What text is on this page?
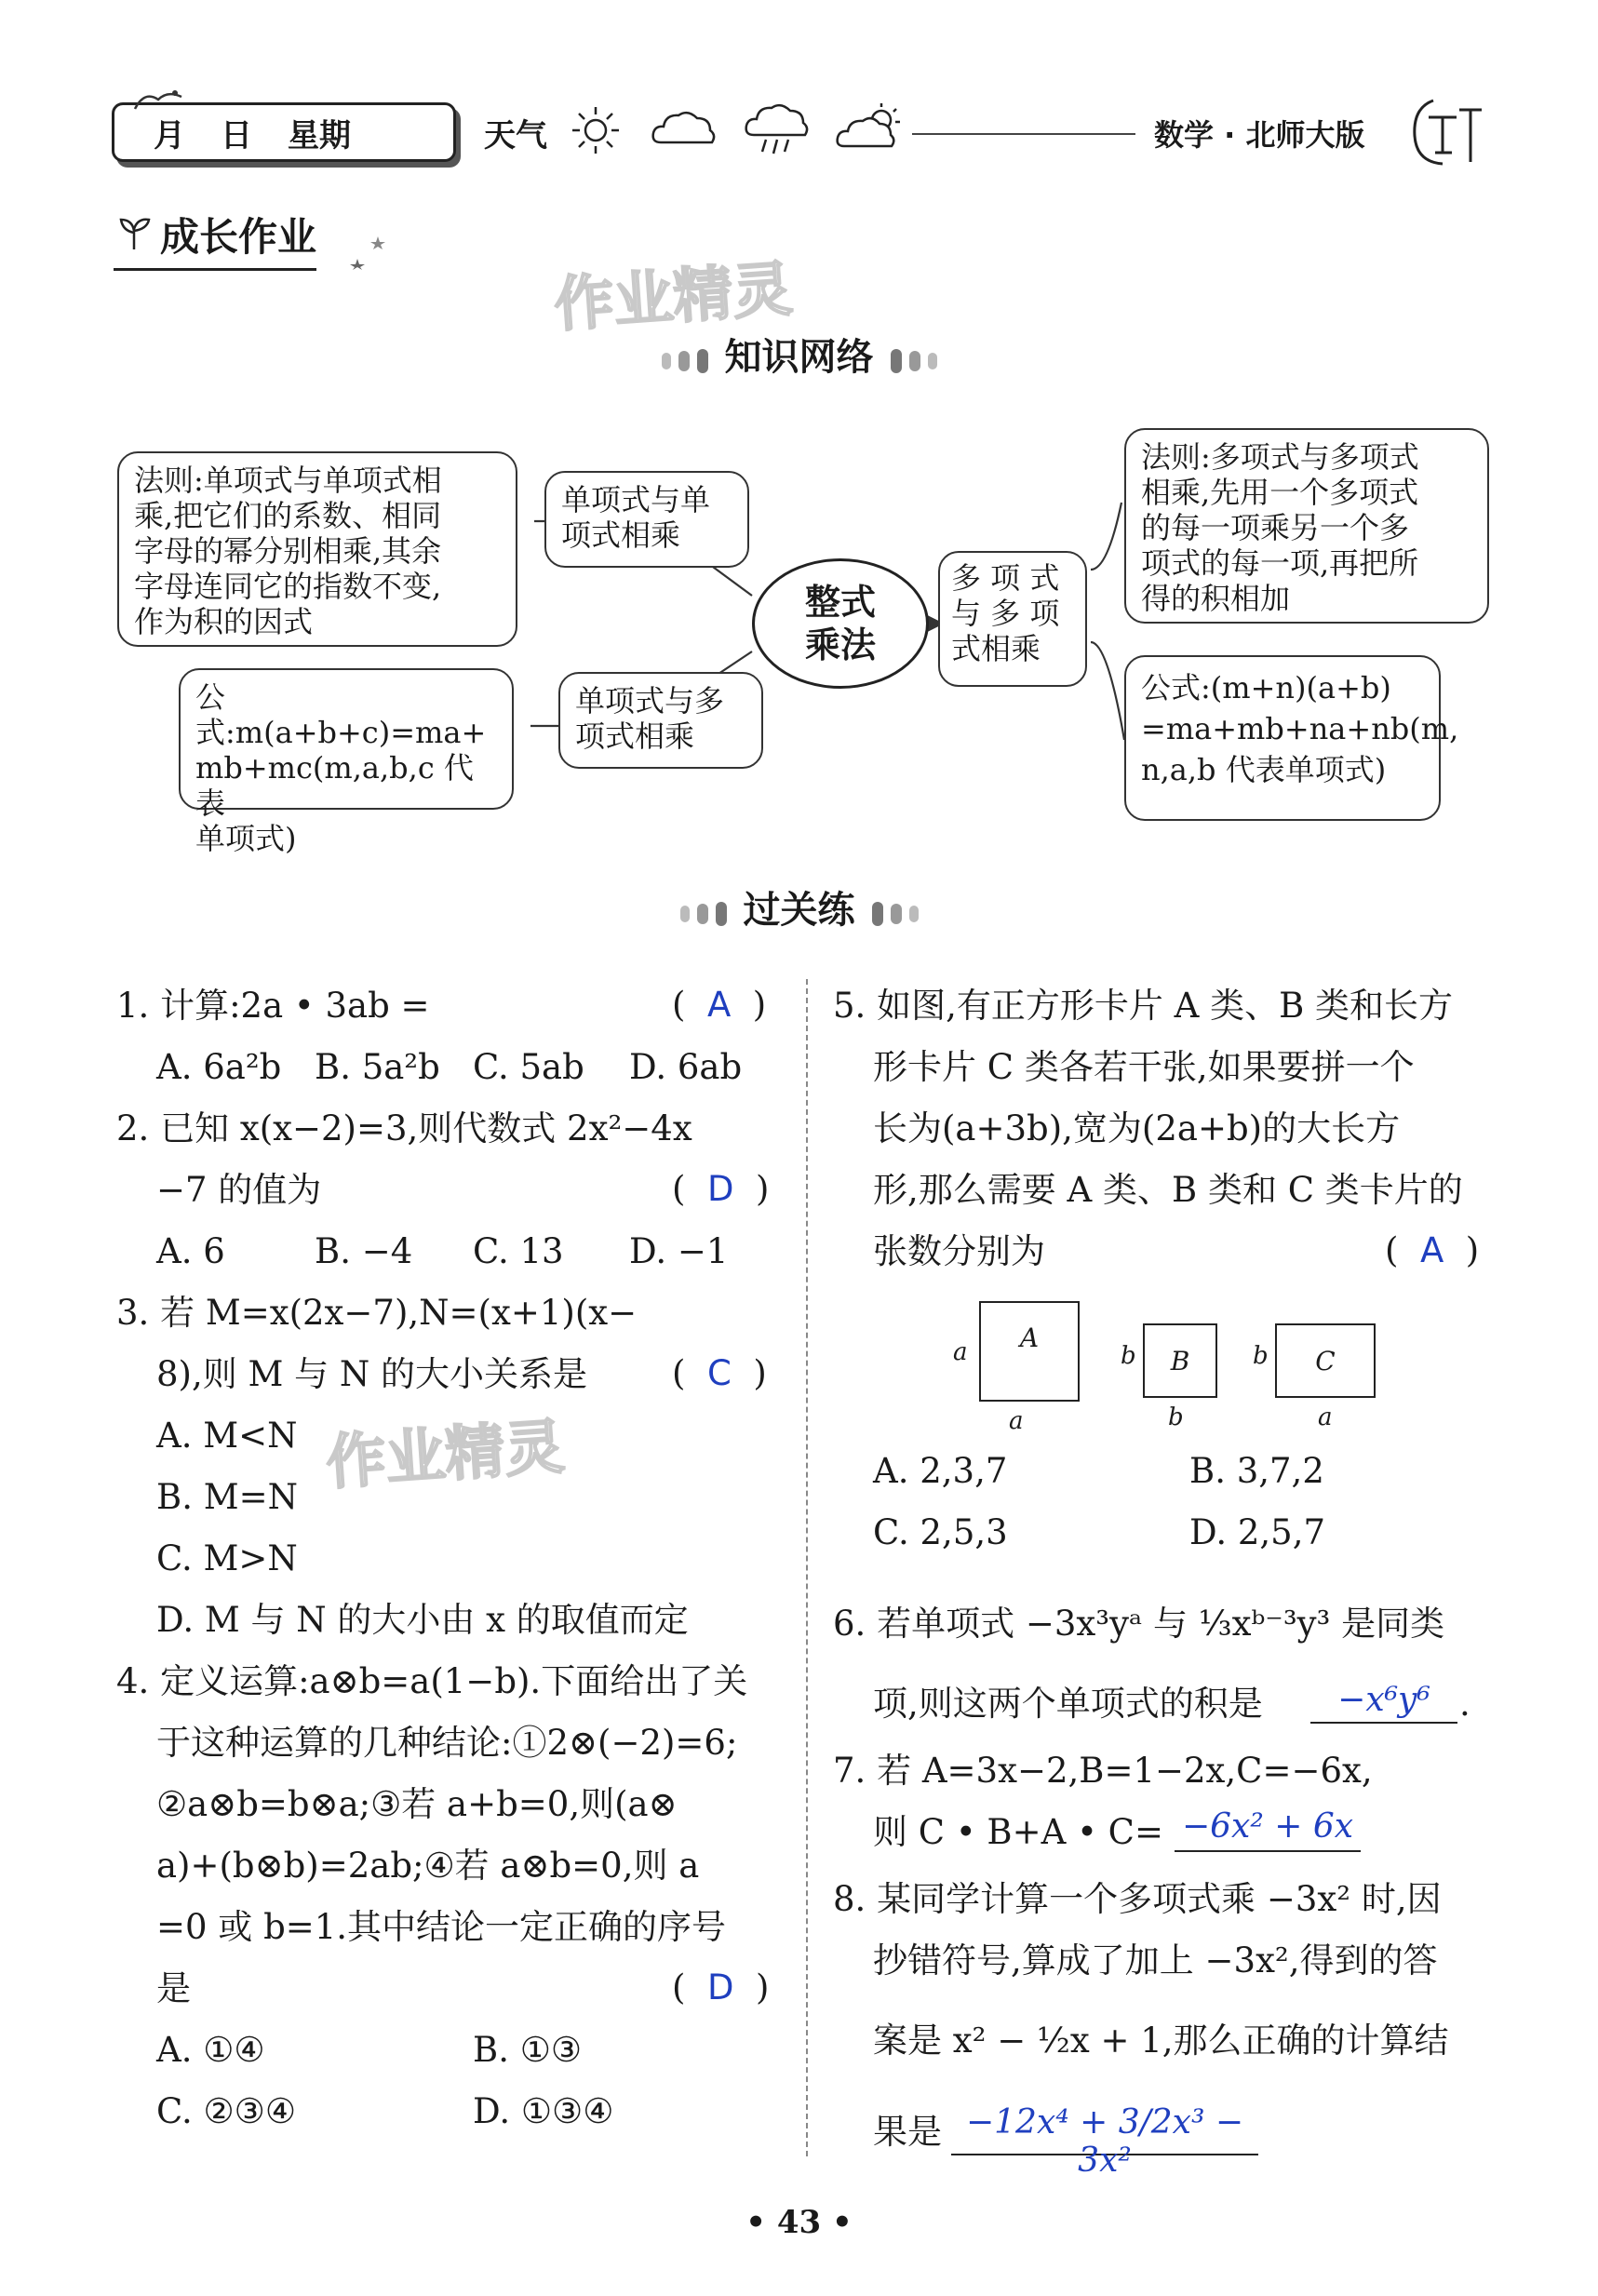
月 日 星期	天气	数学 · 北师大版
成长作业
作业精灵
知识网络
法则:单项式与单项式相
乘,把它们的系数、相同
字母的幂分别相乘,其余
字母连同它的指数不变,
作为积的因式
单项式与单
项式相乘
整式
乘法
单项式与多
项式相乘
公式:m(a+b+c)=ma+
mb+mc(m,a,b,c 代表
单项式)
多 项 式
与 多 项
式相乘
法则:多项式与多项式
相乘,先用一个多项式
的每一项乘另一个多
项式的每一项,再把所
得的积相加
公式:(m+n)(a+b)
=ma+mb+na+nb(m,
n,a,b 代表单项式)
过关练
1. 计算:2a • 3ab =	(  A  )
A. 6a²b B. 5a²b C. 5ab D. 6ab
2. 已知 x(x−2)=3,则代数式 2x²−4x
−7 的值为	(  D  )
A. 6	B. −4 C. 13 D. −1
3. 若 M=x(2x−7),N=(x+1)(x−
8),则 M 与 N 的大小关系是 (  C  )
A. M<N 作业精灵
B. M=N
C. M>N
D. M 与 N 的大小由 x 的取值而定
4. 定义运算:a⊗b=a(1−b).下面给出了关
于这种运算的几种结论:①2⊗(−2)=6;
②a⊗b=b⊗a;③若 a+b=0,则(a⊗
a)+(b⊗b)=2ab;④若 a⊗b=0,则 a
=0 或 b=1.其中结论一定正确的序号
是	(  D  )
A. ①④	B. ①③
C. ②③④	D. ①③④
5. 如图,有正方形卡片 A 类、B 类和长方
形卡片 C 类各若干张,如果要拼一个
长为(a+3b),宽为(2a+b)的大长方
形,那么需要 A 类、B 类和 C 类卡片的
张数分别为	(  A  )
A
a
a
B
b
b
C
b
a
A. 2,3,7	B. 3,7,2
C. 2,5,3	D. 2,5,7
6. 若单项式 −3x³yᵃ 与 ⅓xᵇ⁻³y³ 是同类
项,则这两个单项式的积是	−x⁶y⁶ .
7. 若 A=3x−2,B=1−2x,C=−6x,
则 C • B+A • C= −6x² + 6x
8. 某同学计算一个多项式乘 −3x² 时,因
抄错符号,算成了加上 −3x²,得到的答
案是 x² − ½x + 1,那么正确的计算结
果是 −12x⁴ + 3/2x³ − 3x²
• 43 •
